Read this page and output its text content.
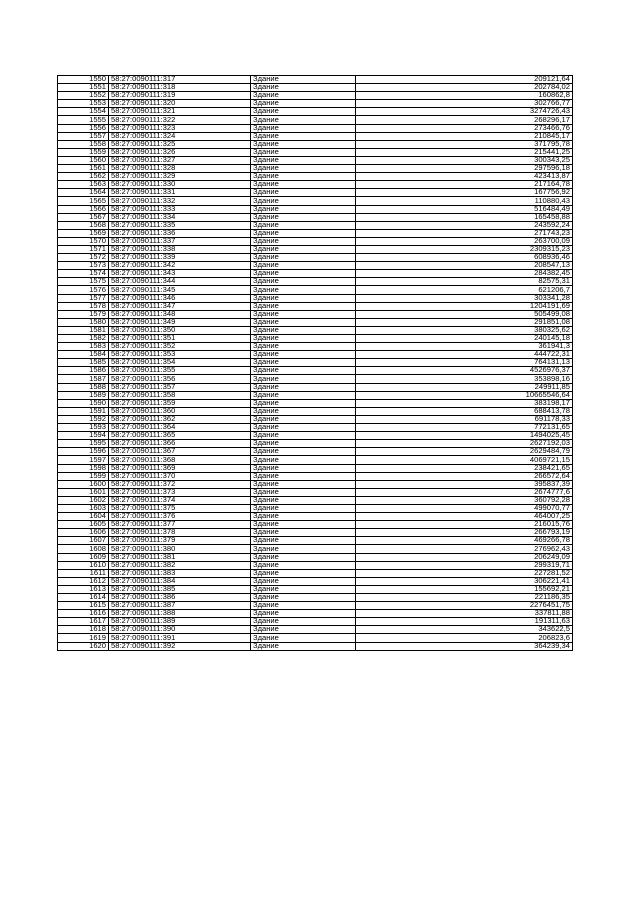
1550	58:27:0090111:317	Здание	209121,64
1551	58:27:0090111:318	Здание	202784,02
1552	58:27:0090111:319	Здание	160862,8
1553	58:27:0090111:320	Здание	302766,77
1554	58:27:0090111:321	Здание	3274726,43
1555	58:27:0090111:322	Здание	268296,17
1556	58:27:0090111:323	Здание	273466,76
1557	58:27:0090111:324	Здание	210845,17
1558	58:27:0090111:325	Здание	371795,78
1559	58:27:0090111:326	Здание	215441,25
1560	58:27:0090111:327	Здание	300343,25
1561	58:27:0090111:328	Здание	297596,18
1562	58:27:0090111:329	Здание	423413,87
1563	58:27:0090111:330	Здание	217164,78
1564	58:27:0090111:331	Здание	167756,92
1565	58:27:0090111:332	Здание	110880,43
1566	58:27:0090111:333	Здание	516484,49
1567	58:27:0090111:334	Здание	165458,88
1568	58:27:0090111:335	Здание	243592,24
1569	58:27:0090111:336	Здание	271743,23
1570	58:27:0090111:337	Здание	263700,09
1571	58:27:0090111:338	Здание	2309315,23
1572	58:27:0090111:339	Здание	608936,46
1573	58:27:0090111:342	Здание	208547,13
1574	58:27:0090111:343	Здание	284382,45
1575	58:27:0090111:344	Здание	82575,31
1576	58:27:0090111:345	Здание	621206,7
1577	58:27:0090111:346	Здание	303341,28
1578	58:27:0090111:347	Здание	1204191,69
1579	58:27:0090111:348	Здание	505499,08
1580	58:27:0090111:349	Здание	291851,08
1581	58:27:0090111:350	Здание	380325,62
1582	58:27:0090111:351	Здание	240145,18
1583	58:27:0090111:352	Здание	361941,3
1584	58:27:0090111:353	Здание	444722,31
1585	58:27:0090111:354	Здание	764131,13
1586	58:27:0090111:355	Здание	4526976,37
1587	58:27:0090111:356	Здание	353898,16
1588	58:27:0090111:357	Здание	249911,85
1589	58:27:0090111:358	Здание	10665546,64
1590	58:27:0090111:359	Здание	383198,17
1591	58:27:0090111:360	Здание	688413,78
1592	58:27:0090111:362	Здание	691178,33
1593	58:27:0090111:364	Здание	772131,65
1594	58:27:0090111:365	Здание	1494025,45
1595	58:27:0090111:366	Здание	2627192,03
1596	58:27:0090111:367	Здание	2629484,79
1597	58:27:0090111:368	Здание	4069721,15
1598	58:27:0090111:369	Здание	238421,65
1599	58:27:0090111:370	Здание	266572,64
1600	58:27:0090111:372	Здание	395837,39
1601	58:27:0090111:373	Здание	2674777,6
1602	58:27:0090111:374	Здание	360792,28
1603	58:27:0090111:375	Здание	499070,77
1604	58:27:0090111:376	Здание	464007,25
1605	58:27:0090111:377	Здание	216015,76
1606	58:27:0090111:378	Здание	266793,19
1607	58:27:0090111:379	Здание	469266,78
1608	58:27:0090111:380	Здание	276962,43
1609	58:27:0090111:381	Здание	206249,09
1610	58:27:0090111:382	Здание	299319,71
1611	58:27:0090111:383	Здание	227281,52
1612	58:27:0090111:384	Здание	306221,41
1613	58:27:0090111:385	Здание	155692,21
1614	58:27:0090111:386	Здание	221186,35
1615	58:27:0090111:387	Здание	2276451,75
1616	58:27:0090111:388	Здание	337811,88
1617	58:27:0090111:389	Здание	191311,63
1618	58:27:0090111:390	Здание	343622,5
1619	58:27:0090111:391	Здание	206823,6
1620	58:27:0090111:392	Здание	364239,34
